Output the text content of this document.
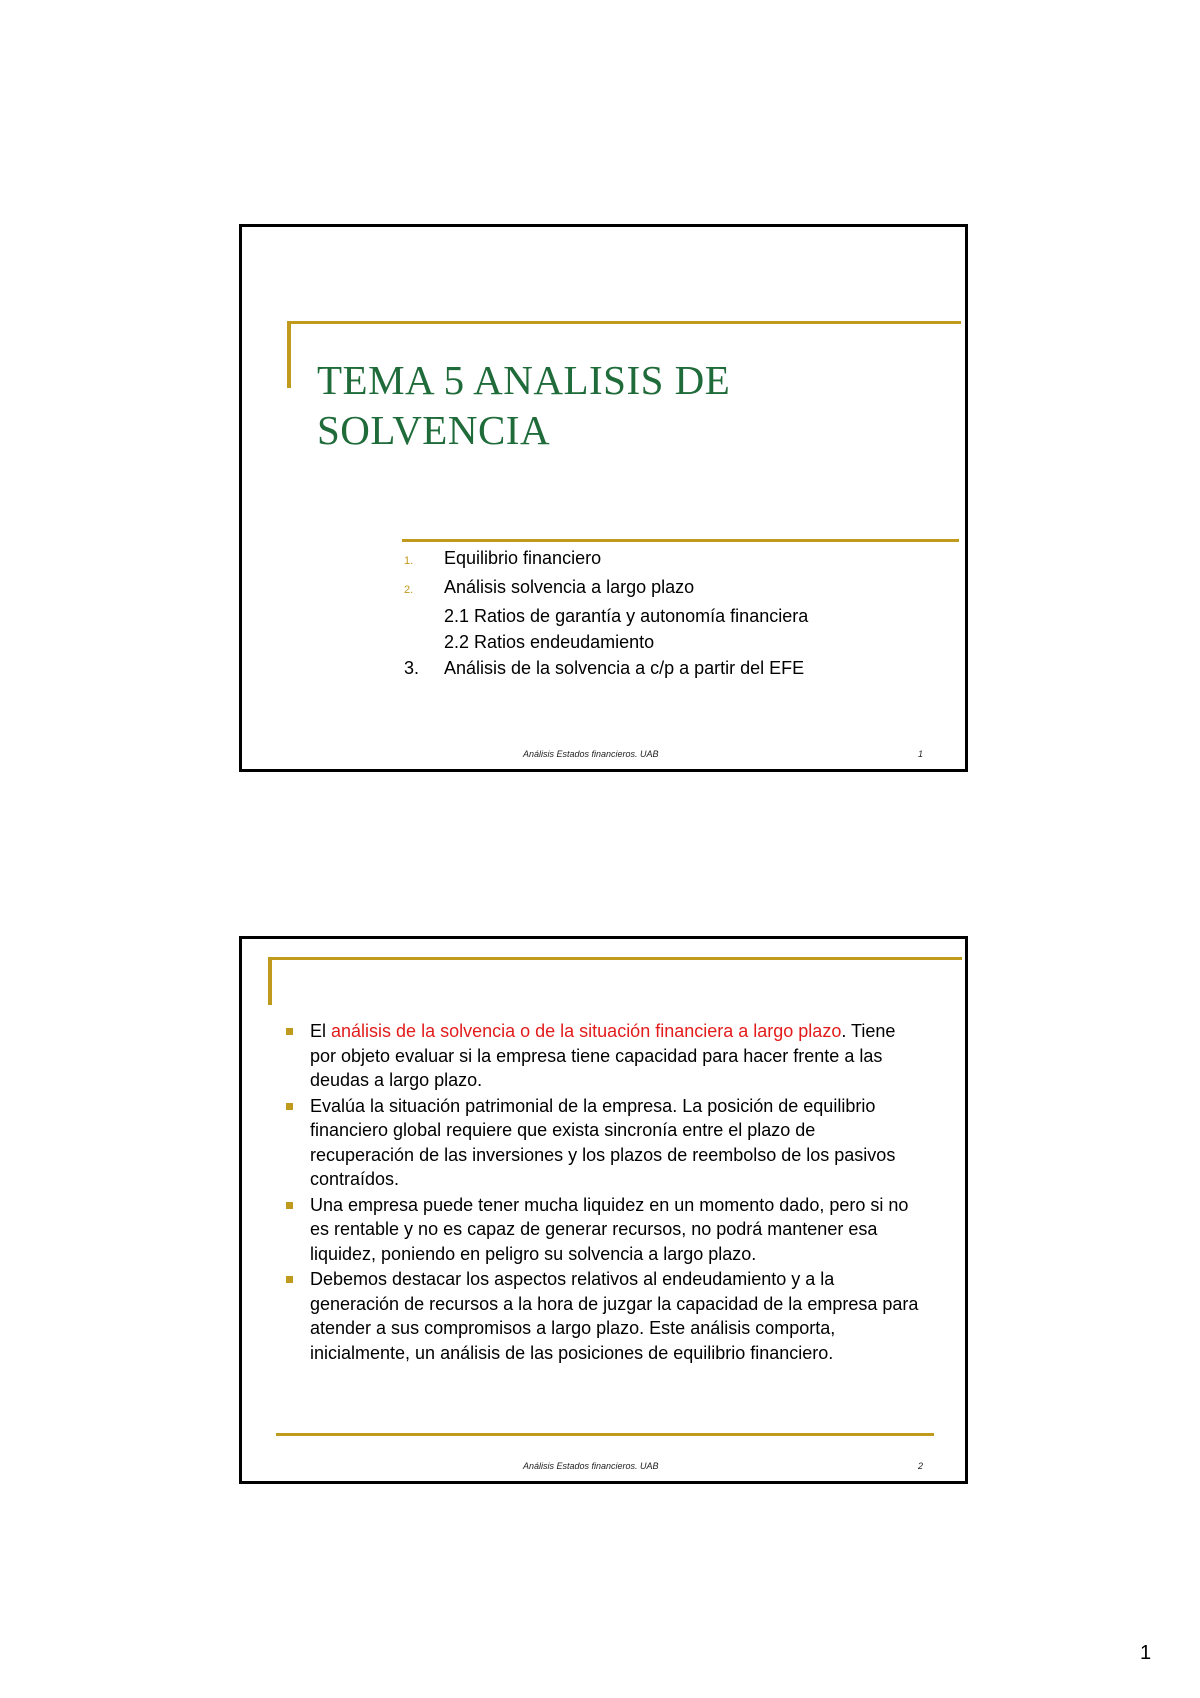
TEMA 5 ANALISIS DE SOLVENCIA
1.	Equilibrio financiero
2.	Análisis solvencia a largo plazo
2.1 Ratios de garantía y autonomía financiera
2.2 Ratios endeudamiento
3.	Análisis de la solvencia a c/p a partir del EFE
Análisis Estados financieros. UAB	1
El análisis de la solvencia o de la situación financiera a largo plazo. Tiene por objeto evaluar si la empresa tiene capacidad para hacer frente a las deudas a largo plazo.
Evalúa la situación patrimonial de la empresa. La posición de equilibrio financiero global requiere que exista sincronía entre el plazo de recuperación de las inversiones y los plazos de reembolso de los pasivos contraídos.
Una empresa puede tener mucha liquidez en un momento dado, pero si no es rentable y no es capaz de generar recursos, no podrá mantener esa liquidez, poniendo en peligro su solvencia a largo plazo.
Debemos destacar los aspectos relativos al endeudamiento y a la generación de recursos a la hora de juzgar la capacidad de la empresa para atender a sus compromisos a largo plazo. Este análisis comporta, inicialmente, un análisis de las posiciones de equilibrio financiero.
Análisis Estados financieros. UAB	2
1
